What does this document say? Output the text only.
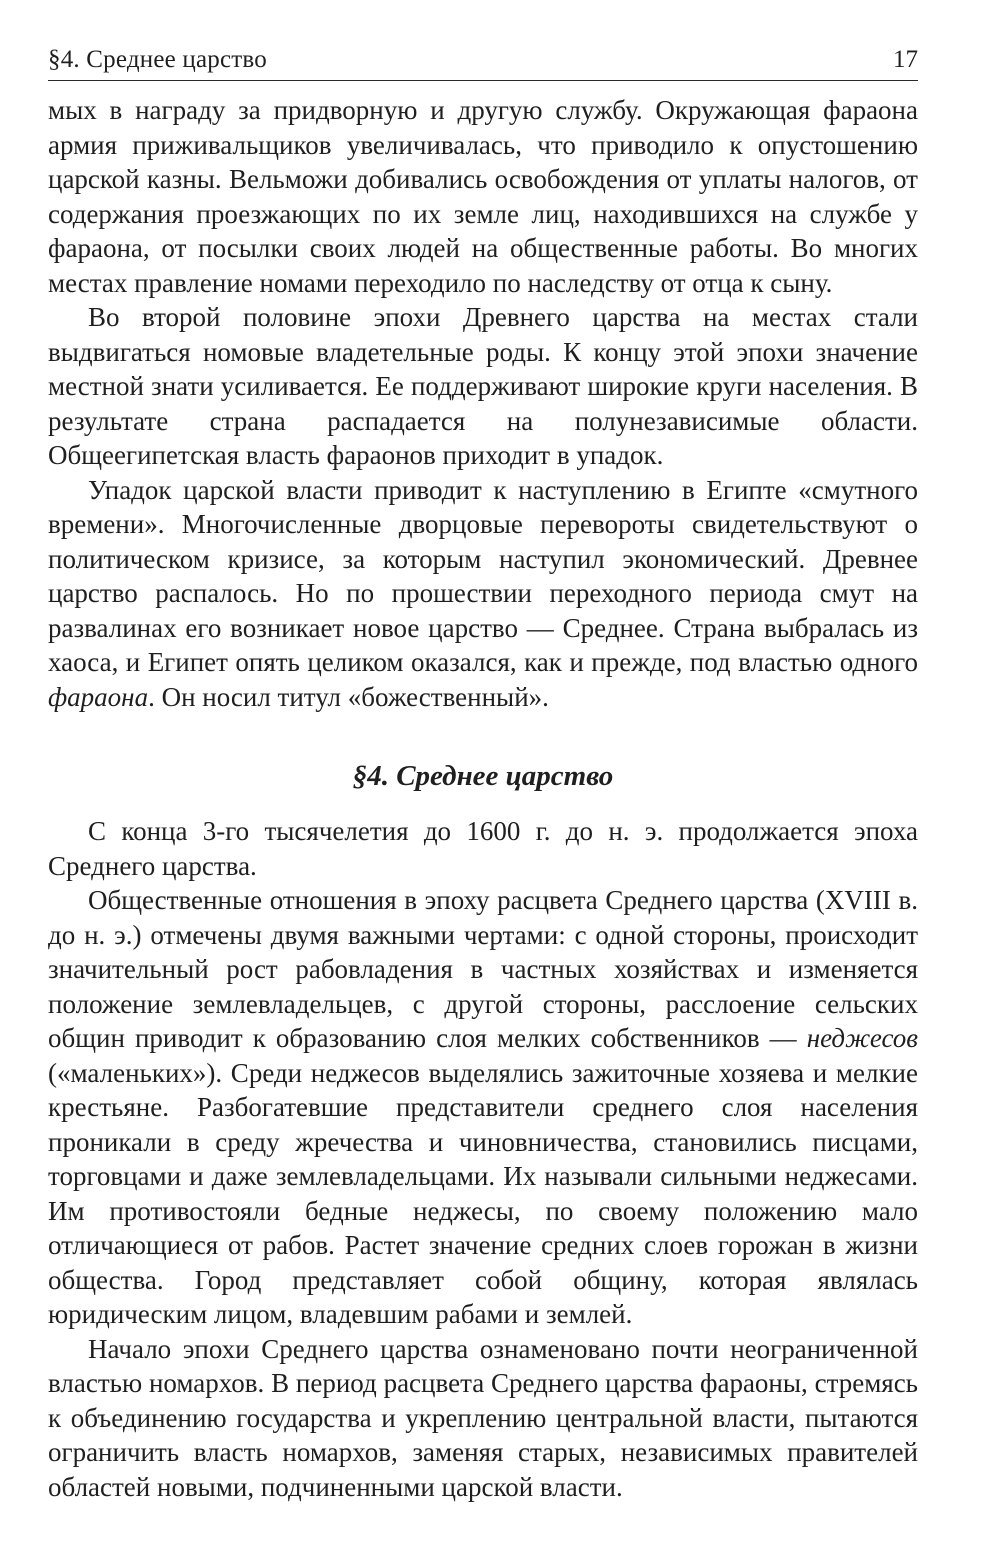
§4. Среднее царство	17

мых в награду за придворную и другую службу. Окружающая фараона армия приживальщиков увеличивалась, что приводило к опустошению царской казны. Вельможи добивались освобождения от уплаты налогов, от содержания проезжающих по их земле лиц, находившихся на службе у фараона, от посылки своих людей на общественные работы. Во многих местах правление номами переходило по наследству от отца к сыну.

Во второй половине эпохи Древнего царства на местах стали выдвигаться номовые владетельные роды. К концу этой эпохи значение местной знати усиливается. Ее поддерживают широкие круги населения. В результате страна распадается на полунезависимые области. Общеегипетская власть фараонов приходит в упадок.

Упадок царской власти приводит к наступлению в Египте «смутного времени». Многочисленные дворцовые перевороты свидетельствуют о политическом кризисе, за которым наступил экономический. Древнее царство распалось. Но по прошествии переходного периода смут на развалинах его возникает новое царство — Среднее. Страна выбралась из хаоса, и Египет опять целиком оказался, как и прежде, под властью одного фараона. Он носил титул «божественный».

§4. Среднее царство

С конца 3-го тысячелетия до 1600 г. до н. э. продолжается эпоха Среднего царства.

Общественные отношения в эпоху расцвета Среднего царства (XVIII в. до н. э.) отмечены двумя важными чертами: с одной стороны, происходит значительный рост рабовладения в частных хозяйствах и изменяется положение землевладельцев, с другой стороны, расслоение сельских общин приводит к образованию слоя мелких собственников — неджесов («маленьких»). Среди неджесов выделялись зажиточные хозяева и мелкие крестьяне. Разбогатевшие представители среднего слоя населения проникали в среду жречества и чиновничества, становились писцами, торговцами и даже землевладельцами. Их называли сильными неджесами. Им противостояли бедные неджесы, по своему положению мало отличающиеся от рабов. Растет значение средних слоев горожан в жизни общества. Город представляет собой общину, которая являлась юридическим лицом, владевшим рабами и землей.

Начало эпохи Среднего царства ознаменовано почти неограниченной властью номархов. В период расцвета Среднего царства фараоны, стремясь к объединению государства и укреплению центральной власти, пытаются ограничить власть номархов, заменяя старых, независимых правителей областей новыми, подчиненными царской власти.
